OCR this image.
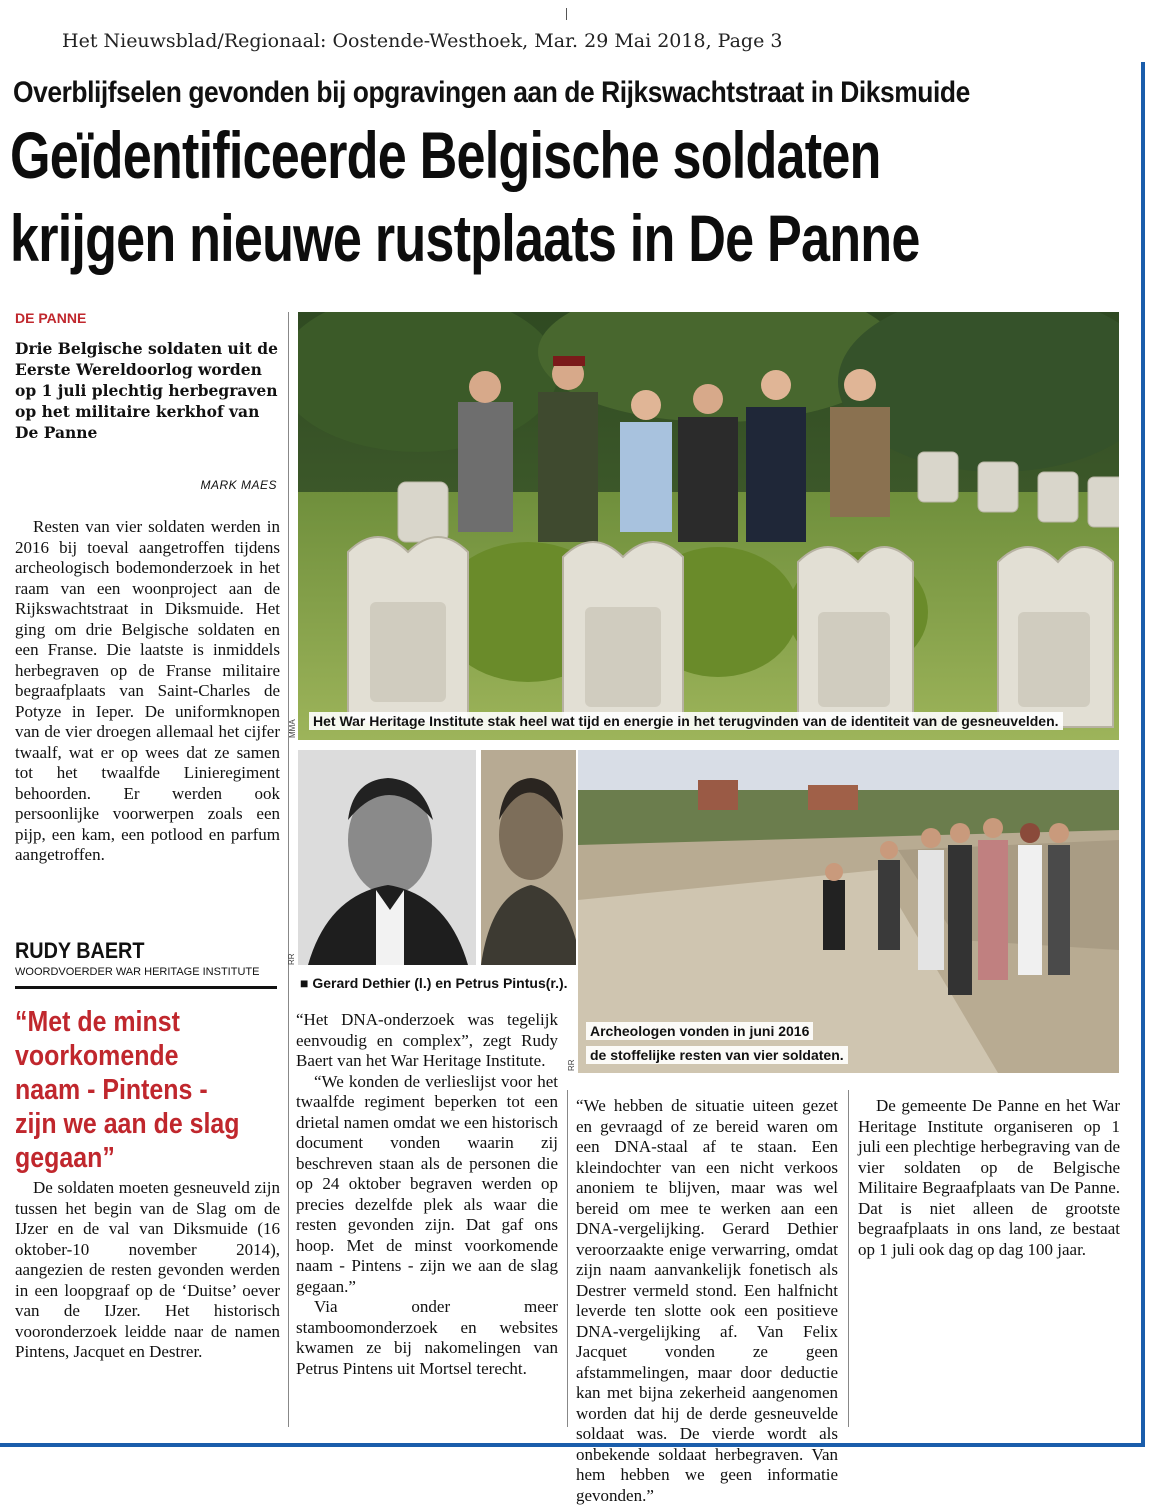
Het Nieuwsblad/Regionaal: Oostende-Westhoek, Mar. 29 Mai 2018, Page 3
Overblijfselen gevonden bij opgravingen aan de Rijkswachtstraat in Diksmuide
Geïdentificeerde Belgische soldaten
krijgen nieuwe rustplaats in De Panne
DE PANNE
Drie Belgische soldaten uit de Eerste Wereldoorlog worden op 1 juli plechtig herbegraven op het militaire kerkhof van De Panne
MARK MAES

Resten van vier soldaten werden in 2016 bij toeval aangetroffen tijdens archeologisch bodemonderzoek in het raam van een woonproject aan de Rijkswachtstraat in Diksmuide. Het ging om drie Belgische soldaten en een Franse. Die laatste is inmiddels herbegraven op de Franse militaire begraafplaats van Saint-Charles de Potyze in Ieper. De uniformknopen van de vier droegen allemaal het cijfer twaalf, wat er op wees dat ze samen tot het twaalfde Linieregiment behoorden. Er werden ook persoonlijke voorwerpen zoals een pijp, een kam, een potlood en parfum aangetroffen.

RUDY BAERT
WOORDVOERDER WAR HERITAGE INSTITUTE
“Met de minst voorkomende naam - Pintens - zijn we aan de slag gegaan”

De soldaten moeten gesneuveld zijn tussen het begin van de Slag om de IJzer en de val van Diksmuide (16 oktober-10 november 2014), aangezien de resten gevonden werden in een loopgraaf op de ‘Duitse’ oever van de IJzer. Het historisch vooronderzoek leidde naar de namen Pintens, Jacquet en Destrer.

Het War Heritage Institute stak heel wat tijd en energie in het terugvinden van de identiteit van de gesneuvelden.
MMA
■ Gerard Dethier (l.) en Petrus Pintus(r.).
RR
Archeologen vonden in juni 2016
de stoffelijke resten van vier soldaten.
RR

“Het DNA-onderzoek was tegelijk eenvoudig en complex”, zegt Rudy Baert van het War Heritage Institute.

“We konden de verlieslijst voor het twaalfde regiment beperken tot een drietal namen omdat we een historisch document vonden waarin zij beschreven staan als de personen die op 24 oktober begraven werden op precies dezelfde plek als waar die resten gevonden zijn. Dat gaf ons hoop. Met de minst voorkomende naam - Pintens - zijn we aan de slag gegaan.”

Via onder meer stamboomonderzoek en websites kwamen ze bij nakomelingen van Petrus Pintens uit Mortsel terecht.

“We hebben de situatie uiteen gezet en gevraagd of ze bereid waren om een DNA-staal af te staan. Een kleindochter van een nicht verkoos anoniem te blijven, maar was wel bereid om mee te werken aan een DNA-vergelijking. Gerard Dethier veroorzaakte enige verwarring, omdat zijn naam aanvankelijk fonetisch als Destrer vermeld stond. Een halfnicht leverde ten slotte ook een positieve DNA-vergelijking af. Van Felix Jacquet vonden ze geen afstammelingen, maar door deductie kan met bijna zekerheid aangenomen worden dat hij de derde gesneuvelde soldaat was. De vierde wordt als onbekende soldaat herbegraven. Van hem hebben we geen informatie gevonden.”

De gemeente De Panne en het War Heritage Institute organiseren op 1 juli een plechtige herbegraving van de vier soldaten op de Belgische Militaire Begraafplaats van De Panne. Dat is niet alleen de grootste begraafplaats in ons land, ze bestaat op 1 juli ook dag op dag 100 jaar.
